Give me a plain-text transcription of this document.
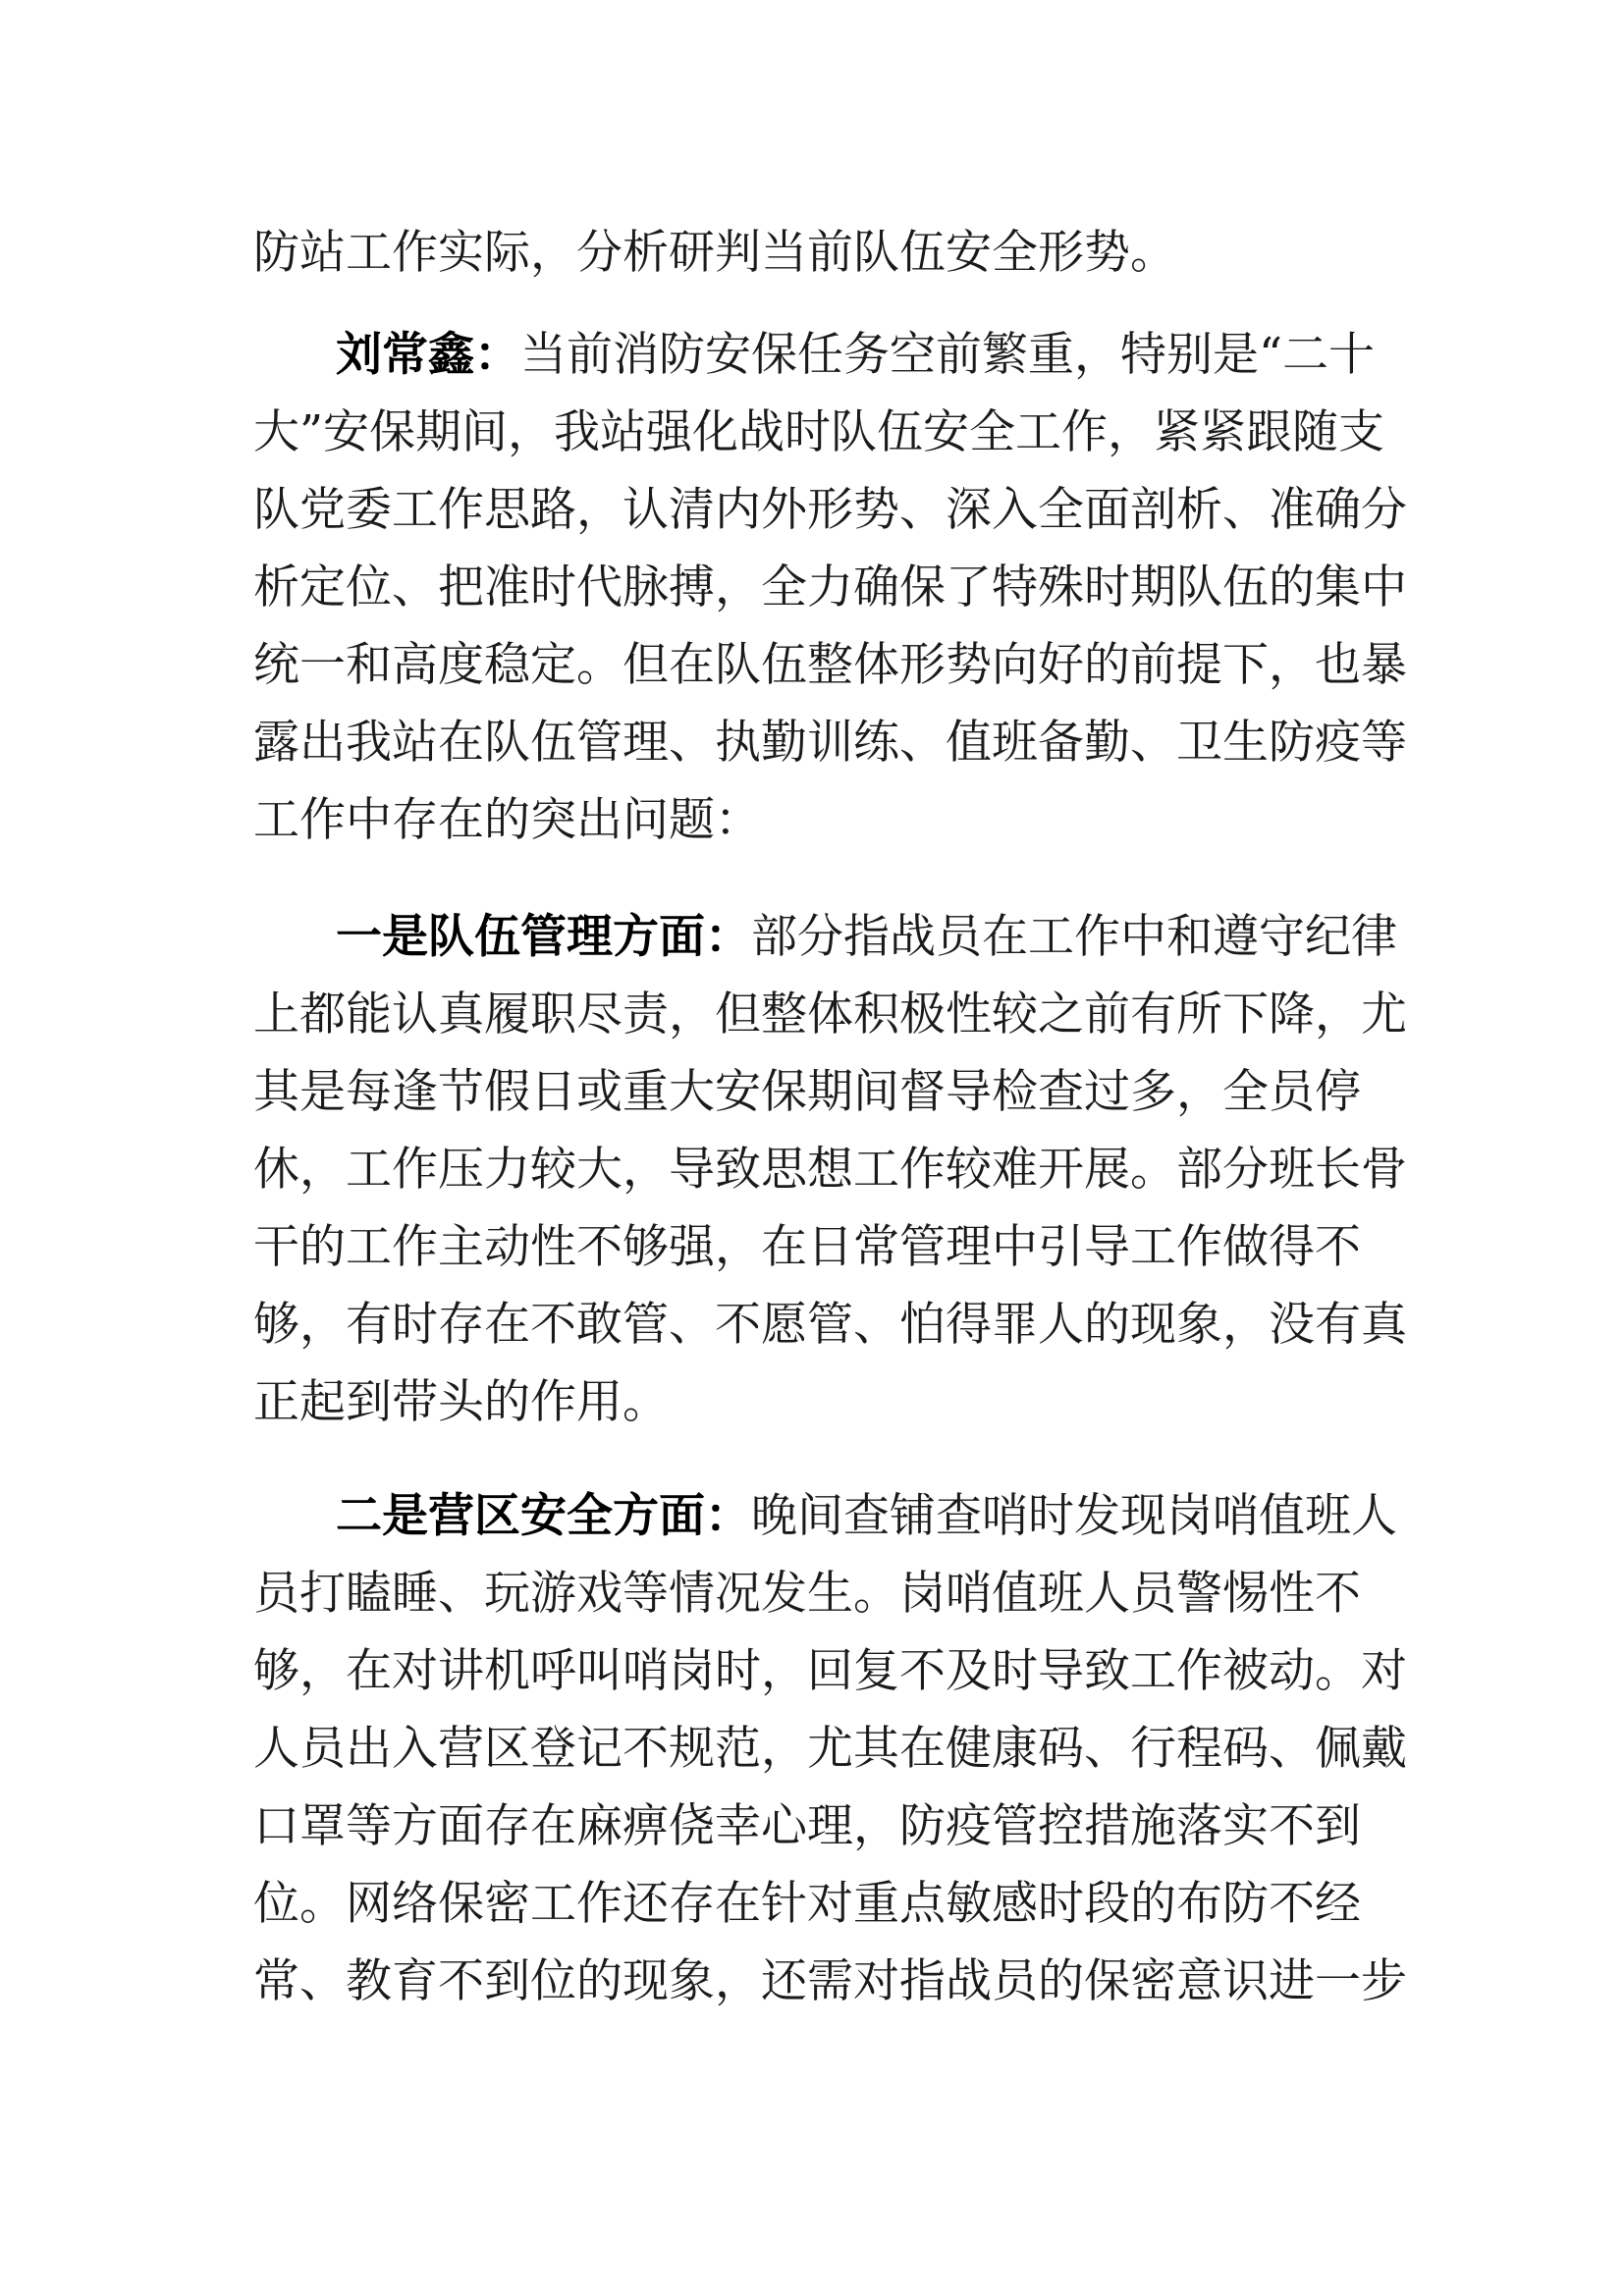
防站工作实际，分析研判当前队伍安全形势。
刘常鑫：当前消防安保任务空前繁重，特别是“二十
大”安保期间，我站强化战时队伍安全工作，紧紧跟随支
队党委工作思路，认清内外形势、深入全面剖析、准确分
析定位、把准时代脉搏，全力确保了特殊时期队伍的集中
统一和高度稳定。但在队伍整体形势向好的前提下，也暴
露出我站在队伍管理、执勤训练、值班备勤、卫生防疫等
工作中存在的突出问题：
一是队伍管理方面：部分指战员在工作中和遵守纪律
上都能认真履职尽责，但整体积极性较之前有所下降，尤
其是每逢节假日或重大安保期间督导检查过多，全员停
休，工作压力较大，导致思想工作较难开展。部分班长骨
干的工作主动性不够强，在日常管理中引导工作做得不
够，有时存在不敢管、不愿管、怕得罪人的现象，没有真
正起到带头的作用。
二是营区安全方面：晚间查铺查哨时发现岗哨值班人
员打瞌睡、玩游戏等情况发生。岗哨值班人员警惕性不
够，在对讲机呼叫哨岗时，回复不及时导致工作被动。对
人员出入营区登记不规范，尤其在健康码、行程码、佩戴
口罩等方面存在麻痹侥幸心理，防疫管控措施落实不到
位。网络保密工作还存在针对重点敏感时段的布防不经
常、教育不到位的现象，还需对指战员的保密意识进一步
